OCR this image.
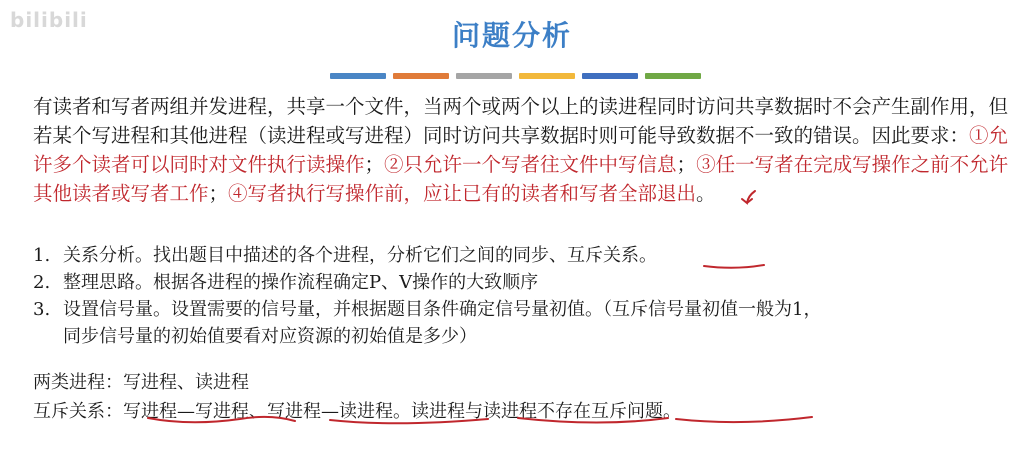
bilibili	问题分析
有读者和写者两组并发进程，共享一个文件，当两个或两个以上的读进程同时访问共享数据时不会产生副作用，但若某个写进程和其他进程（读进程或写进程）同时访问共享数据时则可能导致数据不一致的错误。因此要求：①允许多个读者可以同时对文件执行读操作；②只允许一个写者往文件中写信息；③任一写者在完成写操作之前不允许其他读者或写者工作；④写者执行写操作前，应让已有的读者和写者全部退出。
1. 关系分析。找出题目中描述的各个进程，分析它们之间的同步、互斥关系。
2. 整理思路。根据各进程的操作流程确定P、V操作的大致顺序
3. 设置信号量。设置需要的信号量，并根据题目条件确定信号量初值。（互斥信号量初值一般为1，
同步信号量的初始值要看对应资源的初始值是多少）
两类进程：写进程、读进程
互斥关系：写进程—写进程、写进程—读进程。读进程与读进程不存在互斥问题。
